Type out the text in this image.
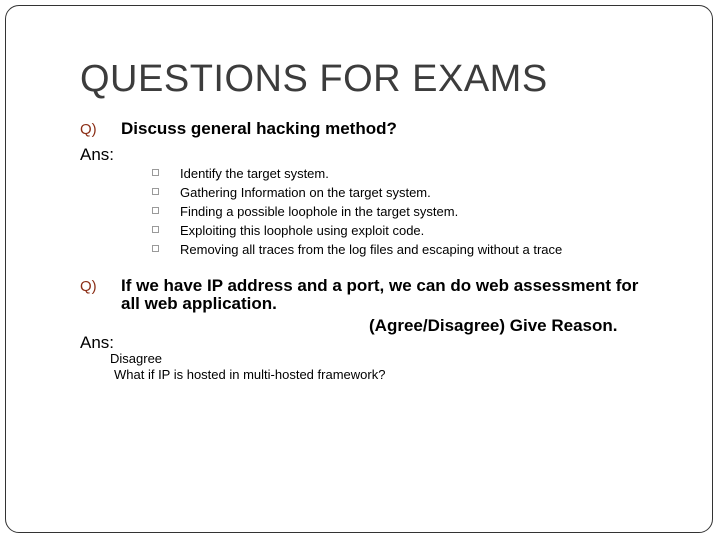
QUESTIONS FOR EXAMS
Q) Discuss general hacking method?
Ans:
Identify the target system.
Gathering Information on the target system.
Finding a possible loophole in the target system.
Exploiting this loophole using exploit code.
Removing all traces from the log files and escaping without a trace
Q) If we have IP address and a port, we can do web assessment for
all web application.
(Agree/Disagree) Give Reason.
Ans:
Disagree
What if IP is hosted in multi-hosted framework?
